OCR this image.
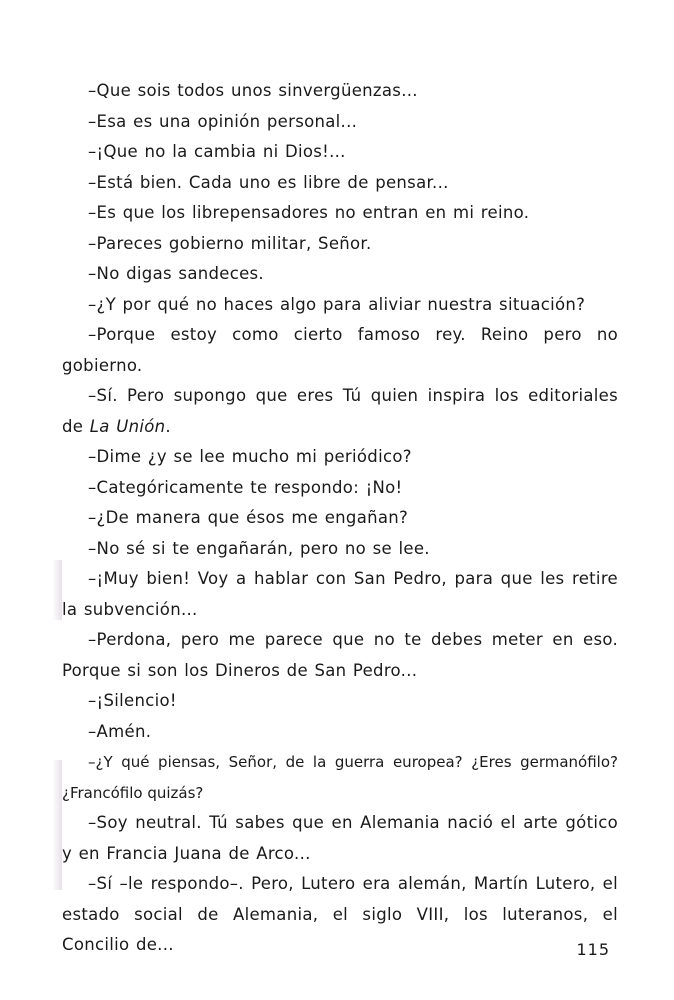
–Que sois todos unos sinvergüenzas...

–Esa es una opinión personal...

–¡Que no la cambia ni Dios!...

–Está bien. Cada uno es libre de pensar...

–Es que los librepensadores no entran en mi reino.

–Pareces gobierno militar, Señor.

–No digas sandeces.

–¿Y por qué no haces algo para aliviar nuestra situación?

–Porque estoy como cierto famoso rey. Reino pero no gobierno.

–Sí. Pero supongo que eres Tú quien inspira los editoriales de La Unión.

–Dime ¿y se lee mucho mi periódico?

–Categóricamente te respondo: ¡No!

–¿De manera que ésos me engañan?

–No sé si te engañarán, pero no se lee.

–¡Muy bien! Voy a hablar con San Pedro, para que les retire la subvención...

–Perdona, pero me parece que no te debes meter en eso. Porque si son los Dineros de San Pedro...

–¡Silencio!

–Amén.

–¿Y qué piensas, Señor, de la guerra europea? ¿Eres germanófilo? ¿Francófilo quizás?

–Soy neutral. Tú sabes que en Alemania nació el arte gótico y en Francia Juana de Arco...

–Sí –le respondo–. Pero, Lutero era alemán, Martín Lutero, el estado social de Alemania, el siglo VIII, los luteranos, el Concilio de...	115
